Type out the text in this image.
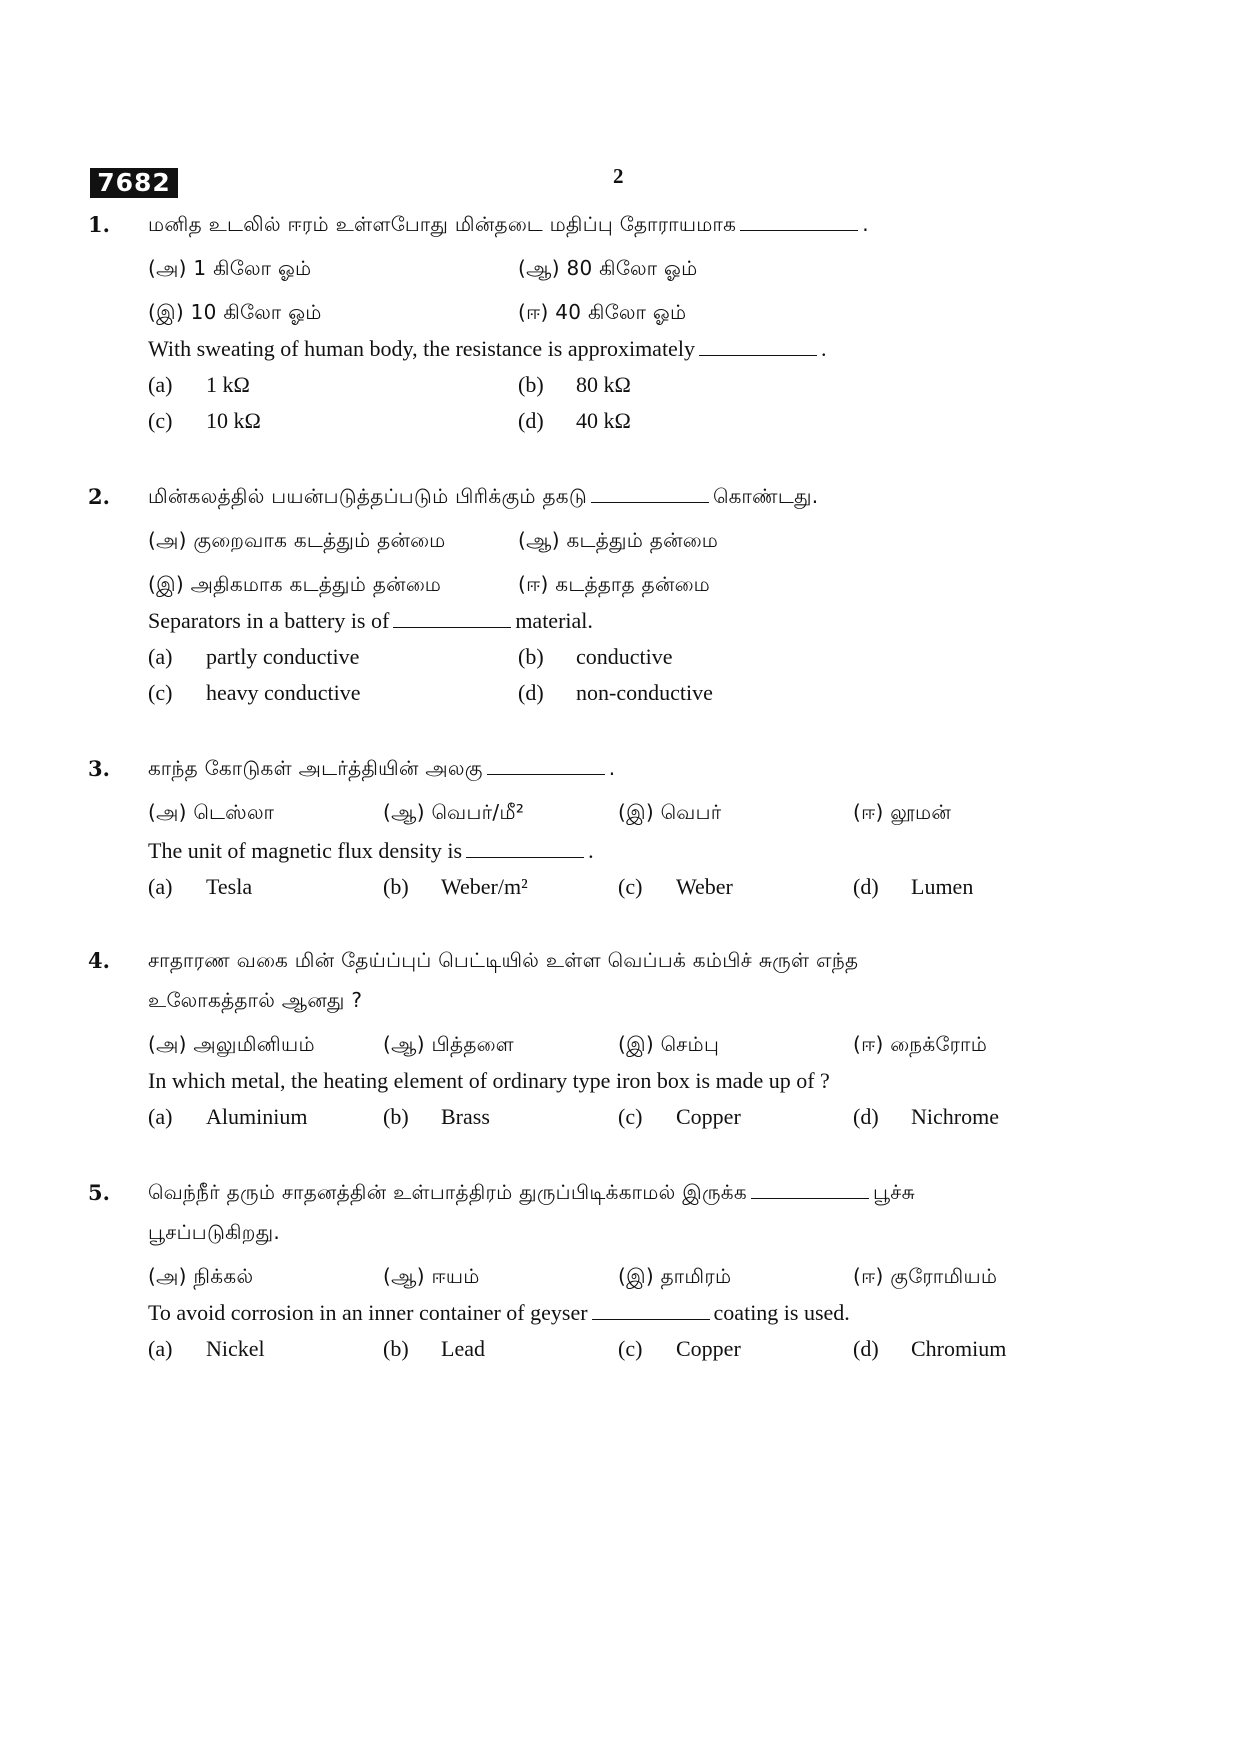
7682	2
1. மனித உடலில் ஈரம் உள்ளபோது மின்தடை மதிப்பு தோராயமாக	.
(அ) 1 கிலோ ஓம்	(ஆ) 80 கிலோ ஓம்
(இ) 10 கிலோ ஓம்	(ஈ) 40 கிலோ ஓம்
With sweating of human body, the resistance is approximately	.
(a) 1 kΩ	(b) 80 kΩ
(c) 10 kΩ	(d) 40 kΩ
2. மின்கலத்தில் பயன்படுத்தப்படும் பிரிக்கும் தகடு	கொண்டது.
(அ) குறைவாக கடத்தும் தன்மை	(ஆ) கடத்தும் தன்மை
(இ) அதிகமாக கடத்தும் தன்மை	(ஈ) கடத்தாத தன்மை
Separators in a battery is of	material.
(a) partly conductive	(b) conductive
(c) heavy conductive	(d) non-conductive
3. காந்த கோடுகள் அடர்த்தியின் அலகு	.
(அ) டெஸ்லா	(ஆ) வெபர்/மீ²	(இ) வெபர்	(ஈ) லூமன்
The unit of magnetic flux density is	.
(a) Tesla	(b) Weber/m²	(c) Weber	(d) Lumen
4. சாதாரண வகை மின் தேய்ப்புப் பெட்டியில் உள்ள வெப்பக் கம்பிச் சுருள் எந்த
உலோகத்தால் ஆனது ?
(அ) அலுமினியம்	(ஆ) பித்தளை	(இ) செம்பு	(ஈ) நைக்ரோம்
In which metal, the heating element of ordinary type iron box is made up of ?
(a) Aluminium	(b) Brass	(c) Copper	(d) Nichrome
5. வெந்நீர் தரும் சாதனத்தின் உள்பாத்திரம் துருப்பிடிக்காமல் இருக்க	பூச்சு
பூசப்படுகிறது.
(அ) நிக்கல்	(ஆ) ஈயம்	(இ) தாமிரம்	(ஈ) குரோமியம்
To avoid corrosion in an inner container of geyser	coating is used.
(a) Nickel	(b) Lead	(c) Copper	(d) Chromium
